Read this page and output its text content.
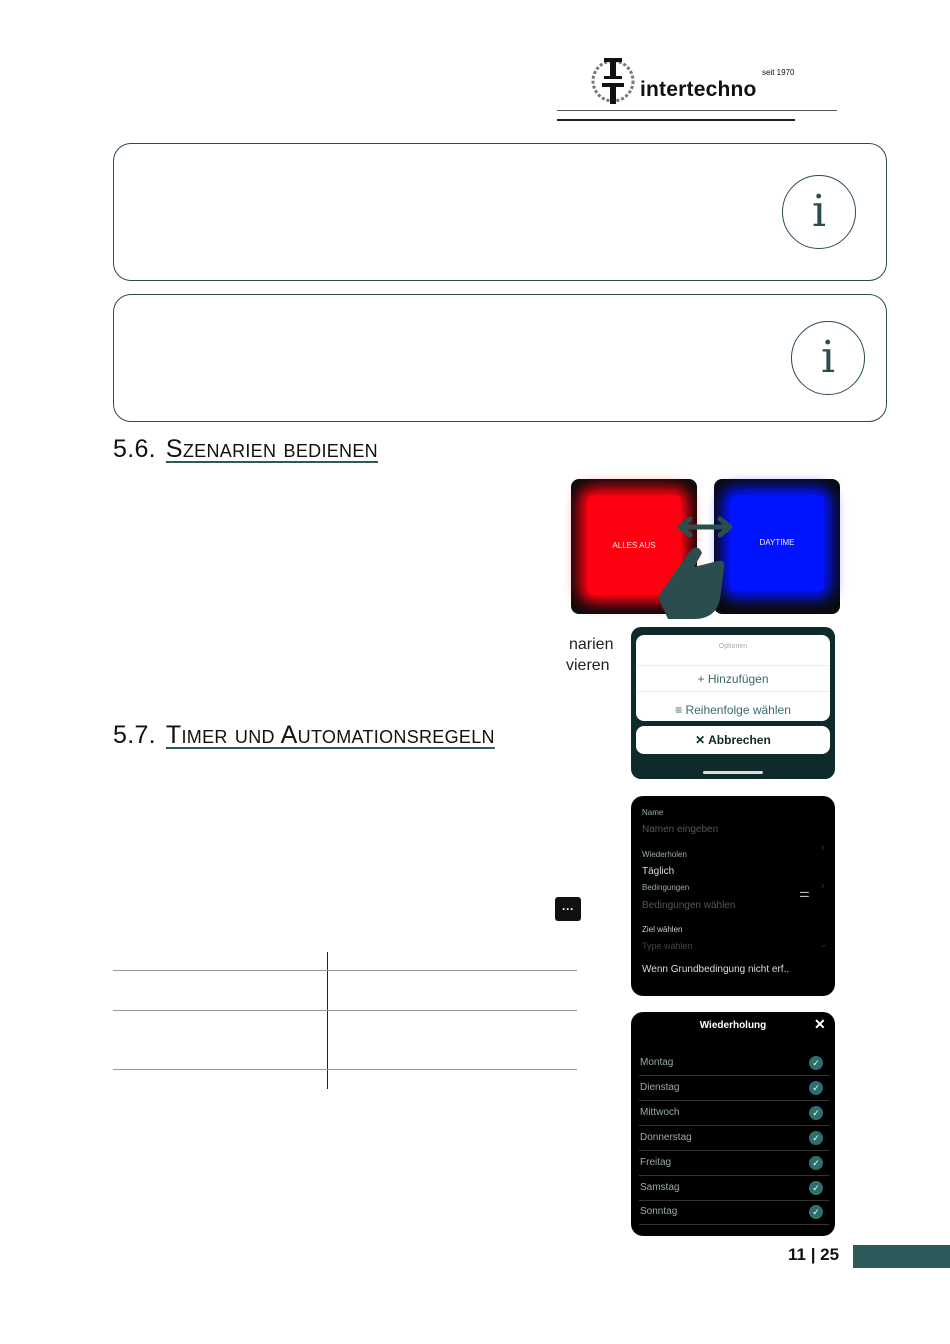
intertechno
seit 1970
i
i
5.6. Szenarien bedienen
ALLES AUS	DAYTIME
narien
vieren
Optionen
+ Hinzufügen
≡ Reihenfolge wählen
✕ Abbrechen
5.7. Timer und Automationsregeln
···
Name
Namen eingeben
Wiederholen
Täglich
›
Bedingungen
Bedingungen wählen
⚌ ›
Ziel wählen
Type wählen	⌄
Wenn Grundbedingung nicht erf..
Wiederholung	✕
Montag	✓
Dienstag	✓
Mittwoch	✓
Donnerstag	✓
Freitag	✓
Samstag	✓
Sonntag	✓
11 | 25
